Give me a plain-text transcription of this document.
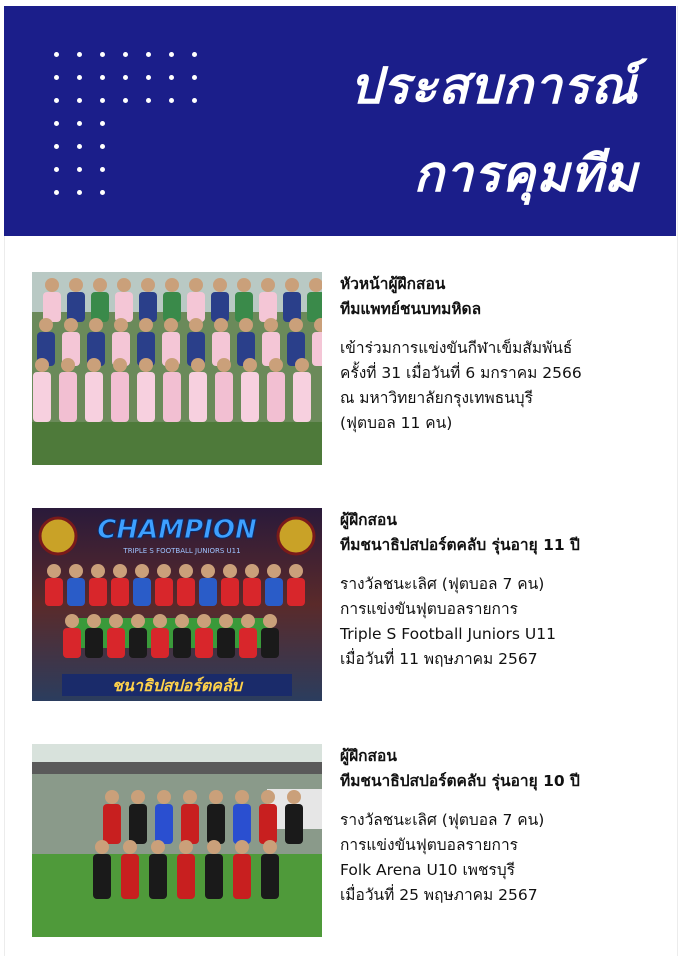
ประสบการณ์
การคุมทีม
หัวหน้าผู้ฝึกสอน
ทีมแพทย์ชนบทมหิดล
เข้าร่วมการแข่งขันกีฬาเข็มสัมพันธ์
ครั้งที่ 31 เมื่อวันที่ 6 มกราคม 2566
ณ มหาวิทยาลัยกรุงเทพธนบุรี
(ฟุตบอล 11 คน)
CHAMPION
TRIPLE S FOOTBALL JUNIORS U11
ชนาธิปสปอร์ตคลับ
ผู้ฝึกสอน
ทีมชนาธิปสปอร์ตคลับ รุ่นอายุ 11 ปี
รางวัลชนะเลิศ (ฟุตบอล 7 คน)
การแข่งขันฟุตบอลรายการ
Triple S Football Juniors U11
เมื่อวันที่ 11 พฤษภาคม 2567
ผู้ฝึกสอน
ทีมชนาธิปสปอร์ตคลับ รุ่นอายุ 10 ปี
รางวัลชนะเลิศ (ฟุตบอล 7 คน)
การแข่งขันฟุตบอลรายการ
Folk Arena U10 เพชรบุรี
เมื่อวันที่ 25 พฤษภาคม 2567
